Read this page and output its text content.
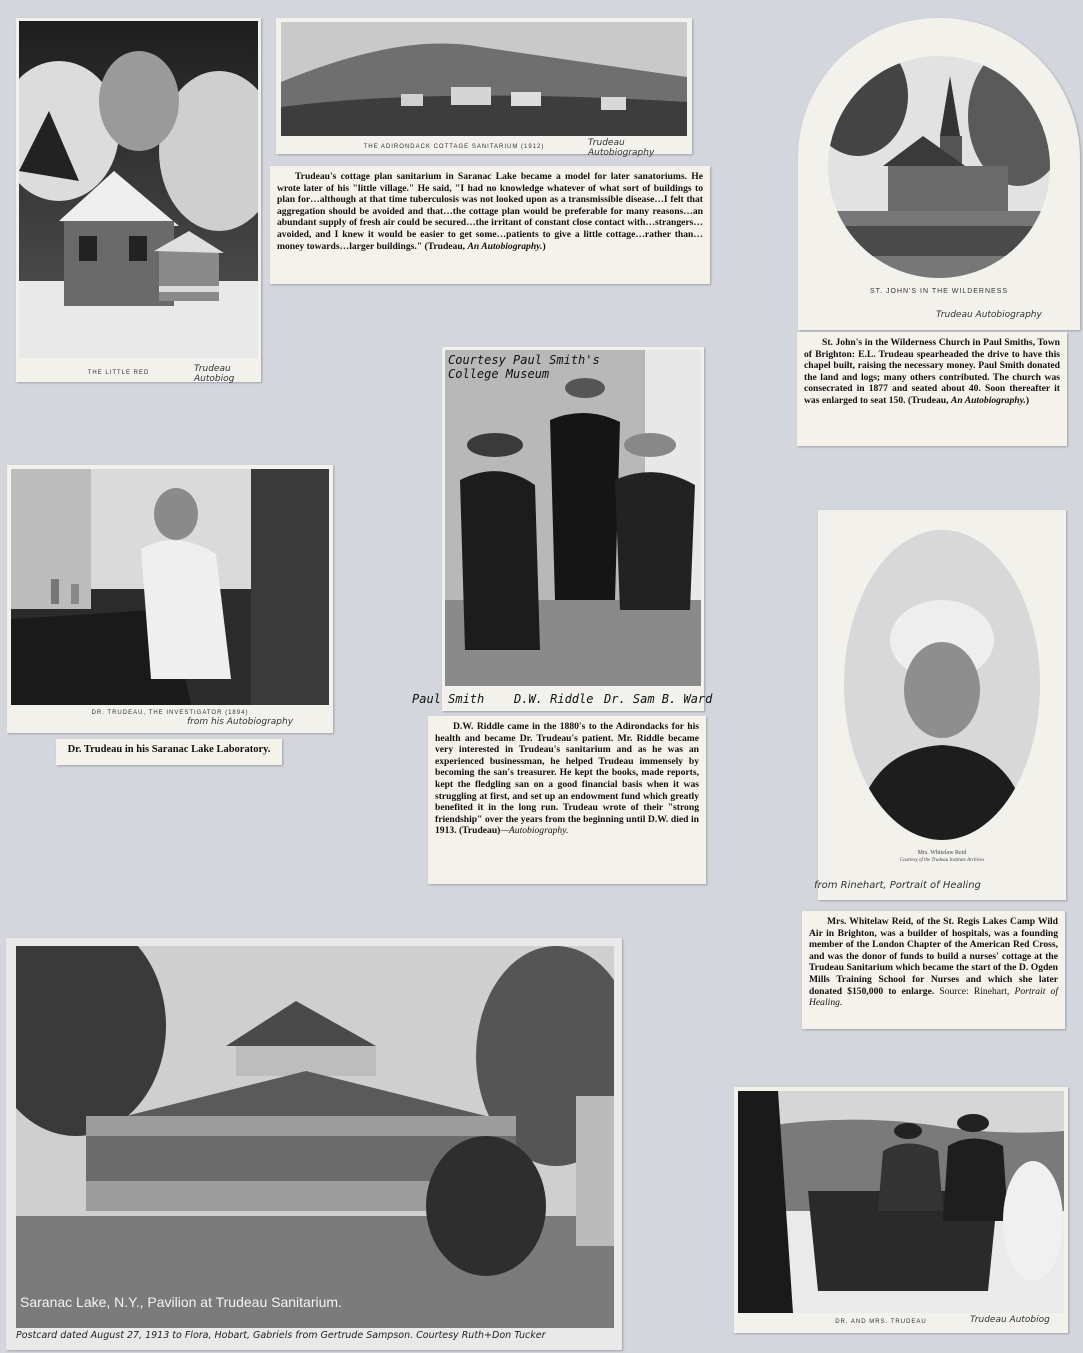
THE LITTLE RED	Trudeau Autobiog
THE ADIRONDACK COTTAGE SANITARIUM (1912)	Trudeau Autobiography
Trudeau's cottage plan sanitarium in Saranac Lake became a model for later sanatoriums. He wrote later of his "little village." He said, "I had no knowledge whatever of what sort of buildings to plan for…although at that time tuberculosis was not looked upon as a transmissible disease…I felt that aggregation should be avoided and that…the cottage plan would be preferable for many reasons…an abundant supply of fresh air could be secured…the irritant of constant close contact with…strangers…avoided, and I knew it would be easier to get some…patients to give a little cottage…rather than…money towards…larger buildings." (Trudeau, An Autobiography.)
ST. JOHN'S IN THE WILDERNESS
Trudeau Autobiography
St. John's in the Wilderness Church in Paul Smiths, Town of Brighton: E.L. Trudeau spearheaded the drive to have this chapel built, raising the necessary money. Paul Smith donated the land and logs; many others contributed. The church was consecrated in 1877 and seated about 40. Soon thereafter it was enlarged to seat 150. (Trudeau, An Autobiography.)
DR. TRUDEAU, THE INVESTIGATOR (1894)
from his Autobiography
Dr. Trudeau in his Saranac Lake Laboratory.
Courtesy Paul Smith's
College Museum
Paul Smith D.W. Riddle Dr. Sam B. Ward
D.W. Riddle came in the 1880's to the Adirondacks for his health and became Dr. Trudeau's patient. Mr. Riddle became very interested in Trudeau's sanitarium and as he was an experienced businessman, he helped Trudeau immensely by becoming the san's treasurer. He kept the books, made reports, kept the fledgling san on a good financial basis when it was struggling at first, and set up an endowment fund which greatly benefited it in the long run. Trudeau wrote of their "strong friendship" over the years from the beginning until D.W. died in 1913. (Trudeau)—Autobiography.
Mrs. Whitelaw Reid
Courtesy of the Trudeau Institute Archives
from Rinehart, Portrait of Healing
Mrs. Whitelaw Reid, of the St. Regis Lakes Camp Wild Air in Brighton, was a builder of hospitals, was a founding member of the London Chapter of the American Red Cross, and was the donor of funds to build a nurses' cottage at the Trudeau Sanitarium which became the start of the D. Ogden Mills Training School for Nurses and which she later donated $150,000 to enlarge. Source: Rinehart, Portrait of Healing.
Saranac Lake, N.Y., Pavilion at Trudeau Sanitarium.
Postcard dated August 27, 1913 to Flora, Hobart, Gabriels from Gertrude Sampson. Courtesy Ruth+Don Tucker
DR. AND MRS. TRUDEAU	Trudeau Autobiog
